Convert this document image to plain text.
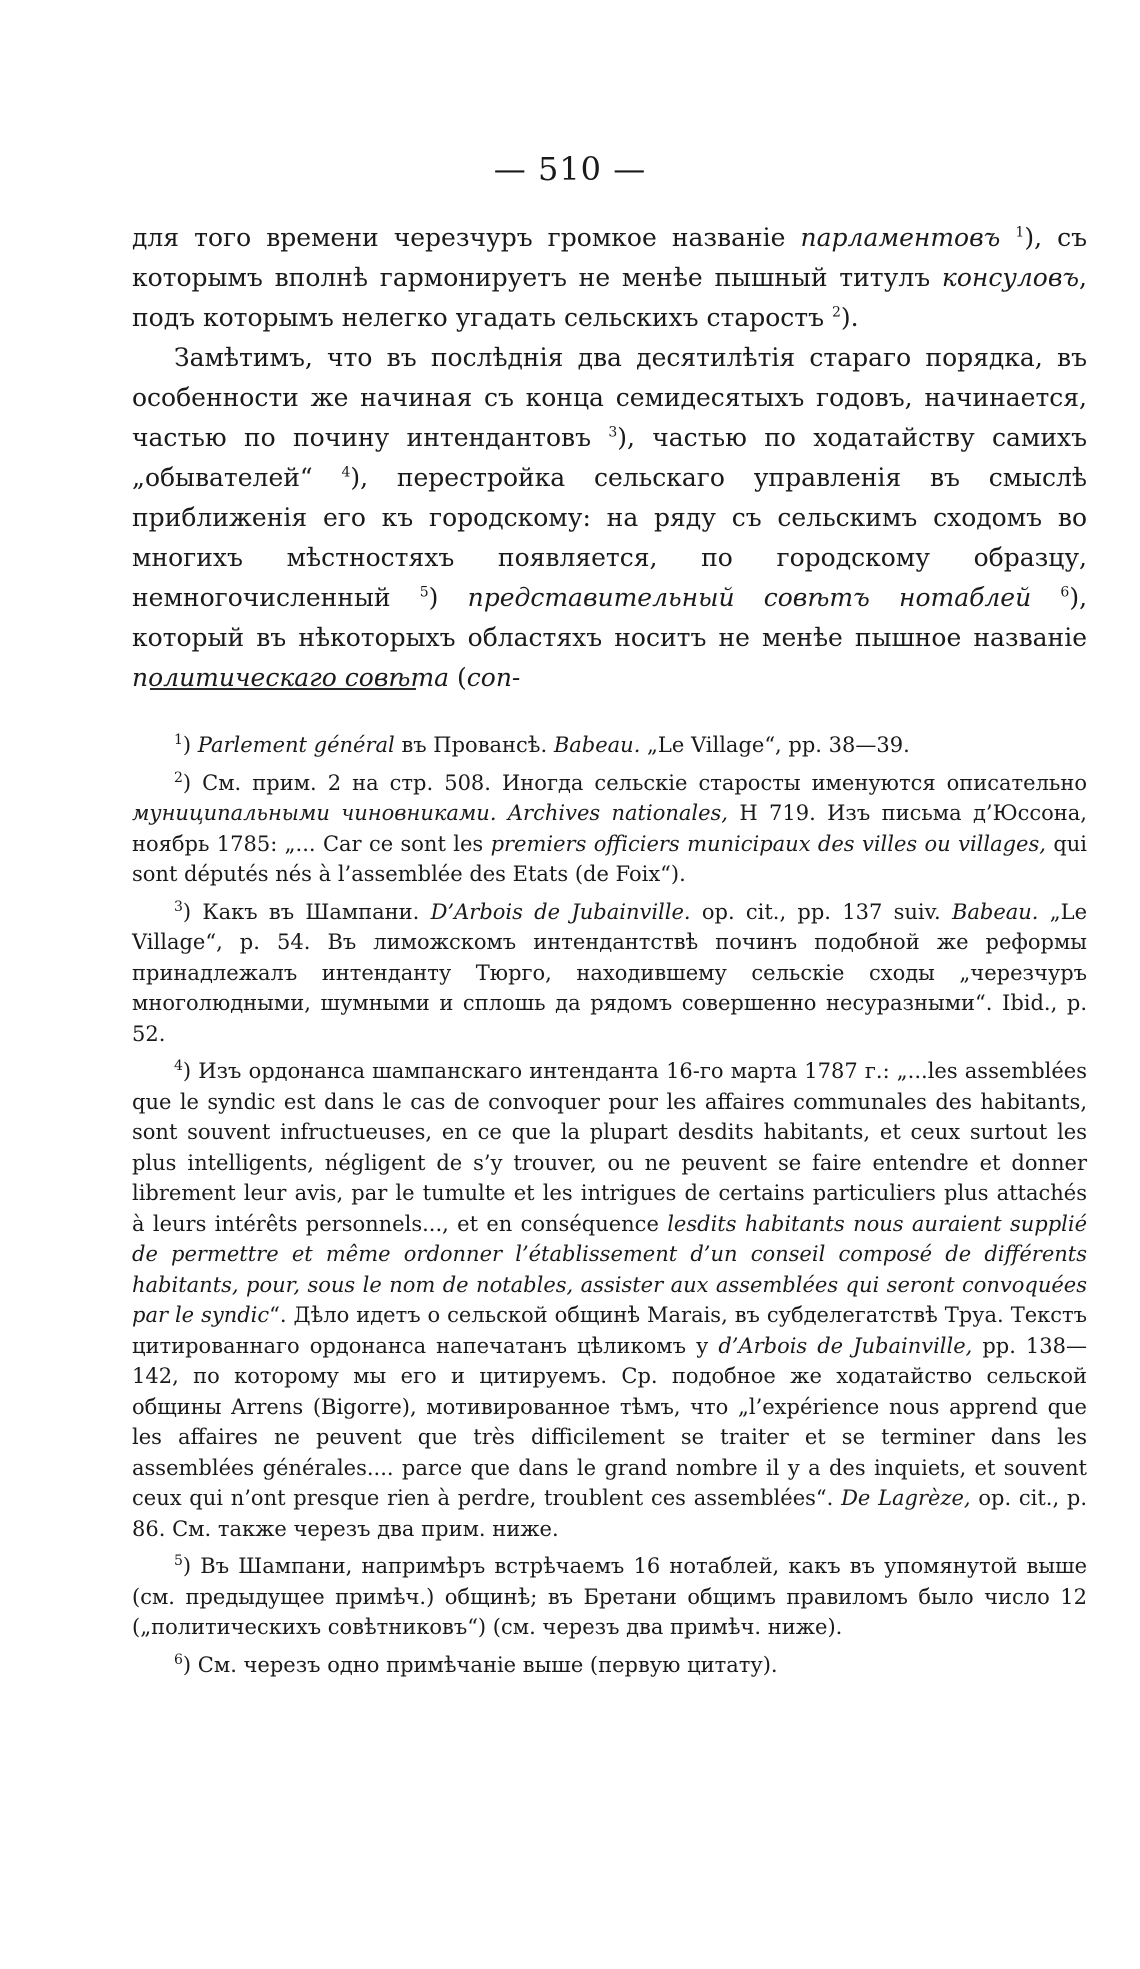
— 510 —

для того времени черезчуръ громкое названіе парламентовъ $^1$), съ которымъ вполнѣ гармонируетъ не менѣе пышный титулъ консуловъ, подъ которымъ нелегко угадать сельскихъ старостъ $^2$).

Замѣтимъ, что въ послѣднія два десятилѣтія стараго порядка, въ особенности же начиная съ конца семидесятыхъ годовъ, начинается, частью по почину интендантовъ $^3$), частью по ходатайству самихъ „обывателей“ $^4$), перестройка сельскаго управленія въ смыслѣ приближенія его къ городскому: на ряду съ сельскимъ сходомъ во многихъ мѣстностяхъ появляется, по городскому образцу, немногочисленный $^5$) представительный совѣтъ нотаблей $^6$), который въ нѣкоторыхъ областяхъ носитъ не менѣе пышное названіе политическаго совѣта (con-

$^1$) Parlement général въ Прованcѣ. Babeau. „Le Village“, pp. 38—39.

$^2$) См. прим. 2 на стр. 508. Иногда сельскіе старосты именуются описательно муниципальными чиновниками. Archives nationales, H 719. Изъ письма д’Юссона, ноябрь 1785: „... Car ce sont les premiers officiers municipaux des villes ou villages, qui sont députés nés à l’assemblée des Etats (de Foix“).

$^3$) Какъ въ Шампани. D’Arbois de Jubainville. op. cit., pp. 137 suiv. Babeau. „Le Village“, p. 54. Въ лиможскомъ интендантствѣ починъ подобной же реформы принадлежалъ интенданту Тюрго, находившему сельскіе сходы „черезчуръ многолюдными, шумными и сплошь да рядомъ совершенно несуразными“. Ibid., p. 52.

$^4$) Изъ ордонанса шампанскаго интенданта 16-го марта 1787 г.: „...les assemblées que le syndic est dans le cas de convoquer pour les affaires communales des habitants, sont souvent infructueuses, en ce que la plupart desdits habitants, et ceux surtout les plus intelligents, négligent de s’y trouver, ou ne peuvent se faire entendre et donner librement leur avis, par le tumulte et les intrigues de certains particuliers plus attachés à leurs intérêts personnels..., et en conséquence lesdits habitants nous auraient supplié de permettre et même ordonner l’établissement d’un conseil composé de différents habitants, pour, sous le nom de notables, assister aux assemblées qui seront convoquées par le syndic“. Дѣло идетъ о сельской общинѣ Marais, въ субделегатствѣ Труа. Текстъ цитированнаго ордонанса напечатанъ цѣликомъ у d’Arbois de Jubainville, pp. 138—142, по которому мы его и цитируемъ. Ср. подобное же ходатайство сельской общины Arrens (Bigorre), мотивированное тѣмъ, что „l’expérience nous apprend que les affaires ne peuvent que très difficilement se traiter et se terminer dans les assemblées générales.... parce que dans le grand nombre il y a des inquiets, et souvent ceux qui n’ont presque rien à perdre, troublent ces assemblées“. De Lagrèze, op. cit., p. 86. См. также черезъ два прим. ниже.

$^5$) Въ Шампани, напримѣръ встрѣчаемъ 16 нотаблей, какъ въ упомянутой выше (см. предыдущее примѣч.) общинѣ; въ Бретани общимъ правиломъ было число 12 („политическихъ совѣтниковъ“) (см. черезъ два примѣч. ниже).

$^6$) См. черезъ одно примѣчаніе выше (первую цитату).
